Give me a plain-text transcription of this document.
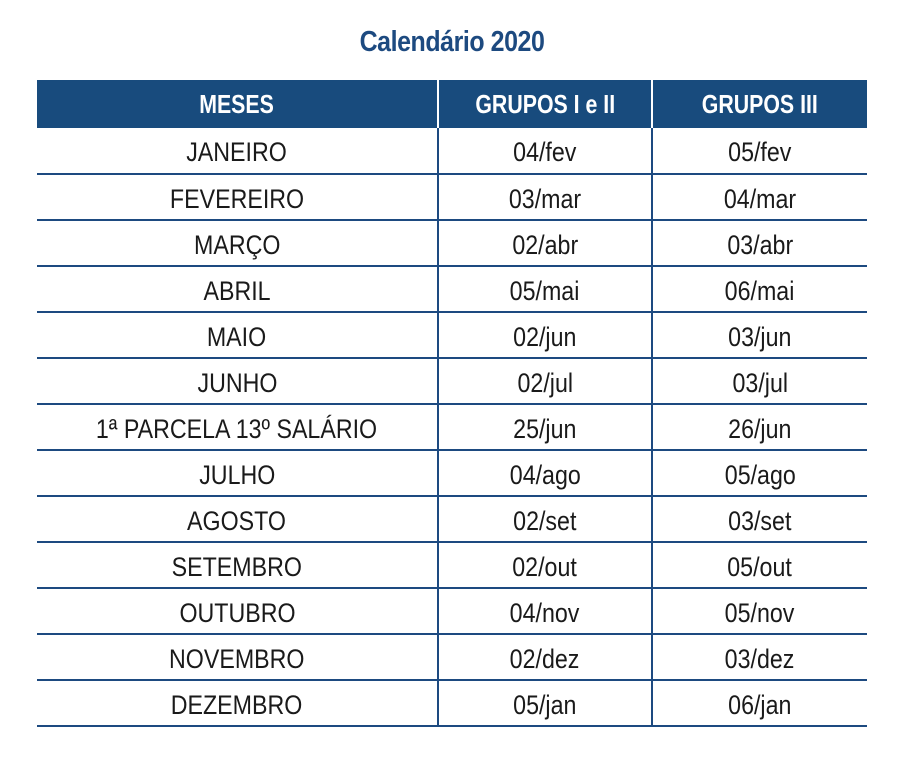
Calendário 2020
MESES	GRUPOS I e II	GRUPOS III
JANEIRO	04/fev	05/fev
FEVEREIRO	03/mar	04/mar
MARÇO	02/abr	03/abr
ABRIL	05/mai	06/mai
MAIO	02/jun	03/jun
JUNHO	02/jul	03/jul
1ª PARCELA 13º SALÁRIO	25/jun	26/jun
JULHO	04/ago	05/ago
AGOSTO	02/set	03/set
SETEMBRO	02/out	05/out
OUTUBRO	04/nov	05/nov
NOVEMBRO	02/dez	03/dez
DEZEMBRO	05/jan	06/jan
